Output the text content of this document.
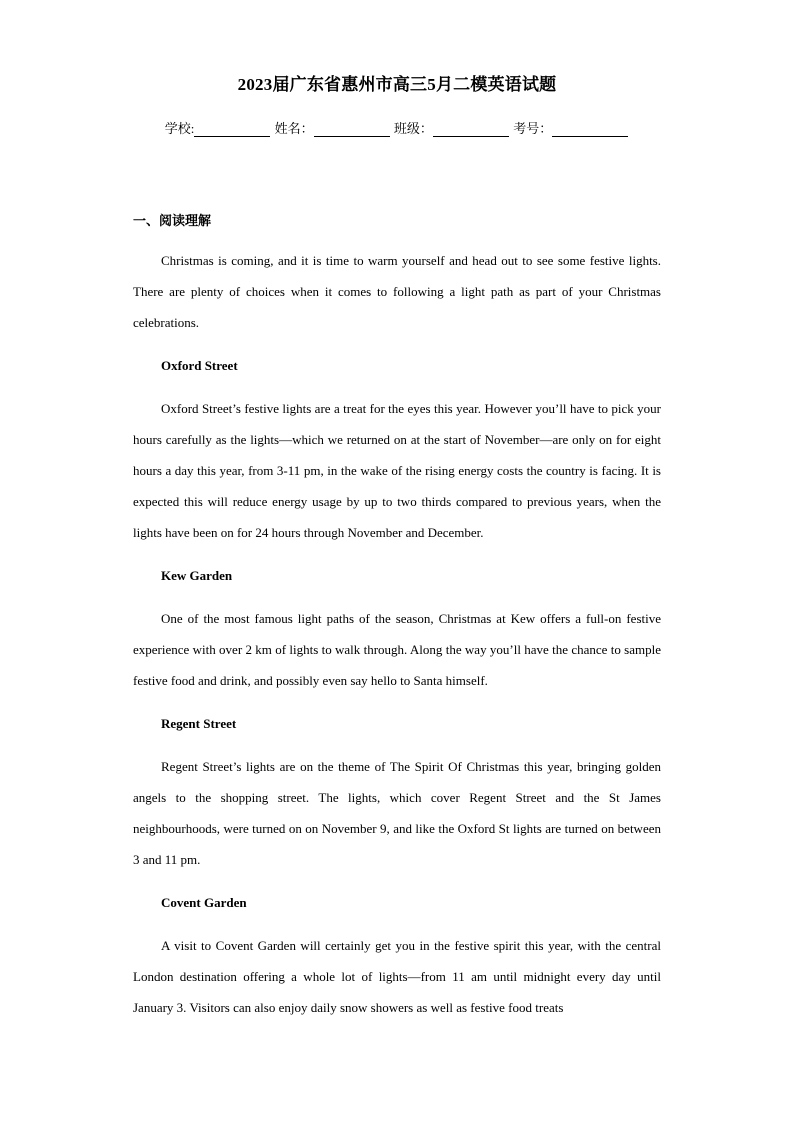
2023届广东省惠州市高三5月二模英语试题
学校:	姓名：	班级：	考号：
一、阅读理解

Christmas is coming, and it is time to warm yourself and head out to see some festive lights. There are plenty of choices when it comes to following a light path as part of your Christmas celebrations.

Oxford Street

Oxford Street’s festive lights are a treat for the eyes this year. However you’ll have to pick your hours carefully as the lights—which we returned on at the start of November—are only on for eight hours a day this year, from 3-11 pm, in the wake of the rising energy costs the country is facing. It is expected this will reduce energy usage by up to two thirds compared to previous years, when the lights have been on for 24 hours through November and December.

Kew Garden

One of the most famous light paths of the season, Christmas at Kew offers a full-on festive experience with over 2 km of lights to walk through. Along the way you’ll have the chance to sample festive food and drink, and possibly even say hello to Santa himself.

Regent Street

Regent Street’s lights are on the theme of The Spirit Of Christmas this year, bringing golden angels to the shopping street. The lights, which cover Regent Street and the St James neighbourhoods, were turned on on November 9, and like the Oxford St lights are turned on between 3 and 11 pm.

Covent Garden

A visit to Covent Garden will certainly get you in the festive spirit this year, with the central London destination offering a whole lot of lights—from 11 am until midnight every day until January 3. Visitors can also enjoy daily snow showers as well as festive food treats
